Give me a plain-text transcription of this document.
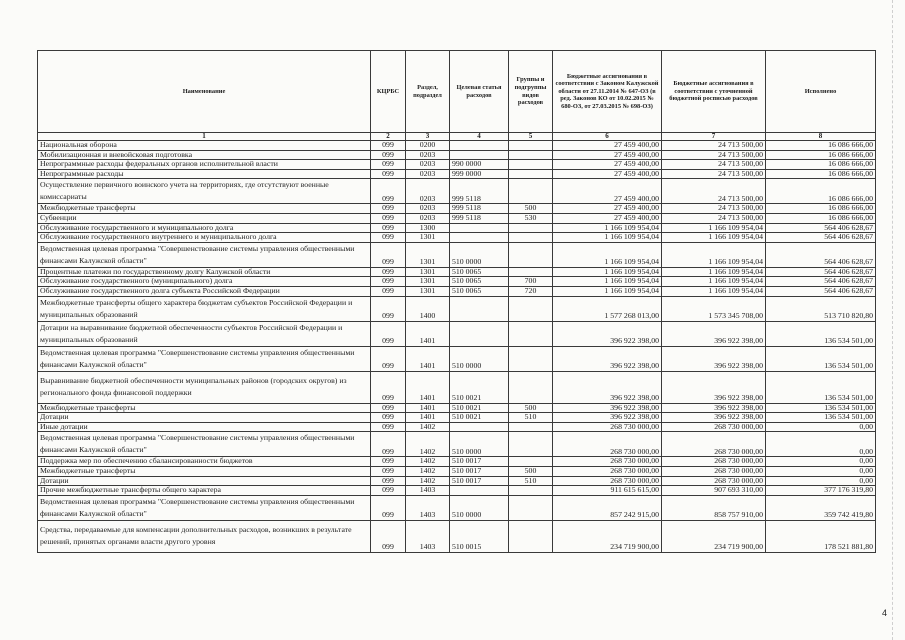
Наименование	КЦРБС	Раздел, подраздел	Целевая статья расходов	Группы и подгруппы видов расходов	Бюджетные ассигнования в соответствии с Законом Калужской области от 27.11.2014 № 647-ОЗ (в ред. Законов КО от 10.02.2015 № 680-ОЗ, от 27.03.2015 № 698-ОЗ)	Бюджетные ассигнования в соответствии с уточненной бюджетной росписью расходов	Исполнено
1	2	3	4	5	6	7	8
Национальная оборона	099	0200			27 459 400,00	24 713 500,00	16 086 666,00
Мобилизационная и вневойсковая подготовка	099	0203			27 459 400,00	24 713 500,00	16 086 666,00
Непрограммные расходы федеральных органов исполнительной власти	099	0203	990 0000		27 459 400,00	24 713 500,00	16 086 666,00
Непрограммные расходы	099	0203	999 0000		27 459 400,00	24 713 500,00	16 086 666,00
Осуществление первичного воинского учета на территориях, где отсутствуют военные комиссариаты	099	0203	999 5118		27 459 400,00	24 713 500,00	16 086 666,00
Межбюджетные трансферты	099	0203	999 5118	500	27 459 400,00	24 713 500,00	16 086 666,00
Субвенции	099	0203	999 5118	530	27 459 400,00	24 713 500,00	16 086 666,00
Обслуживание государственного и муниципального долга	099	1300			1 166 109 954,04	1 166 109 954,04	564 406 628,67
Обслуживание государственного внутреннего и муниципального долга	099	1301			1 166 109 954,04	1 166 109 954,04	564 406 628,67
Ведомственная целевая программа "Совершенствование системы управления общественными финансами Калужской области"	099	1301	510 0000		1 166 109 954,04	1 166 109 954,04	564 406 628,67
Процентные платежи по государственному долгу Калужской области	099	1301	510 0065		1 166 109 954,04	1 166 109 954,04	564 406 628,67
Обслуживание государственного (муниципального) долга	099	1301	510 0065	700	1 166 109 954,04	1 166 109 954,04	564 406 628,67
Обслуживание государственного долга субъекта Российской Федерации	099	1301	510 0065	720	1 166 109 954,04	1 166 109 954,04	564 406 628,67
Межбюджетные трансферты общего характера бюджетам субъектов Российской Федерации и муниципальных образований	099	1400			1 577 268 013,00	1 573 345 708,00	513 710 820,80
Дотации на выравнивание бюджетной обеспеченности субъектов Российской Федерации и муниципальных образований	099	1401			396 922 398,00	396 922 398,00	136 534 501,00
Ведомственная целевая программа "Совершенствование системы управления общественными финансами Калужской области"	099	1401	510 0000		396 922 398,00	396 922 398,00	136 534 501,00
Выравнивание бюджетной обеспеченности муниципальных районов (городских округов) из регионального фонда финансовой поддержки	099	1401	510 0021		396 922 398,00	396 922 398,00	136 534 501,00
Межбюджетные трансферты	099	1401	510 0021	500	396 922 398,00	396 922 398,00	136 534 501,00
Дотации	099	1401	510 0021	510	396 922 398,00	396 922 398,00	136 534 501,00
Иные дотации	099	1402			268 730 000,00	268 730 000,00	0,00
Ведомственная целевая программа "Совершенствование системы управления общественными финансами Калужской области"	099	1402	510 0000		268 730 000,00	268 730 000,00	0,00
Поддержка мер по обеспечению сбалансированности бюджетов	099	1402	510 0017		268 730 000,00	268 730 000,00	0,00
Межбюджетные трансферты	099	1402	510 0017	500	268 730 000,00	268 730 000,00	0,00
Дотации	099	1402	510 0017	510	268 730 000,00	268 730 000,00	0,00
Прочие межбюджетные трансферты общего характера	099	1403			911 615 615,00	907 693 310,00	377 176 319,80
Ведомственная целевая программа "Совершенствование системы управления общественными финансами Калужской области"	099	1403	510 0000		857 242 915,00	858 757 910,00	359 742 419,80
Средства, передаваемые для компенсации дополнительных расходов, возникших в результате решений, принятых органами власти другого уровня	099	1403	510 0015		234 719 900,00	234 719 900,00	178 521 881,80
4
